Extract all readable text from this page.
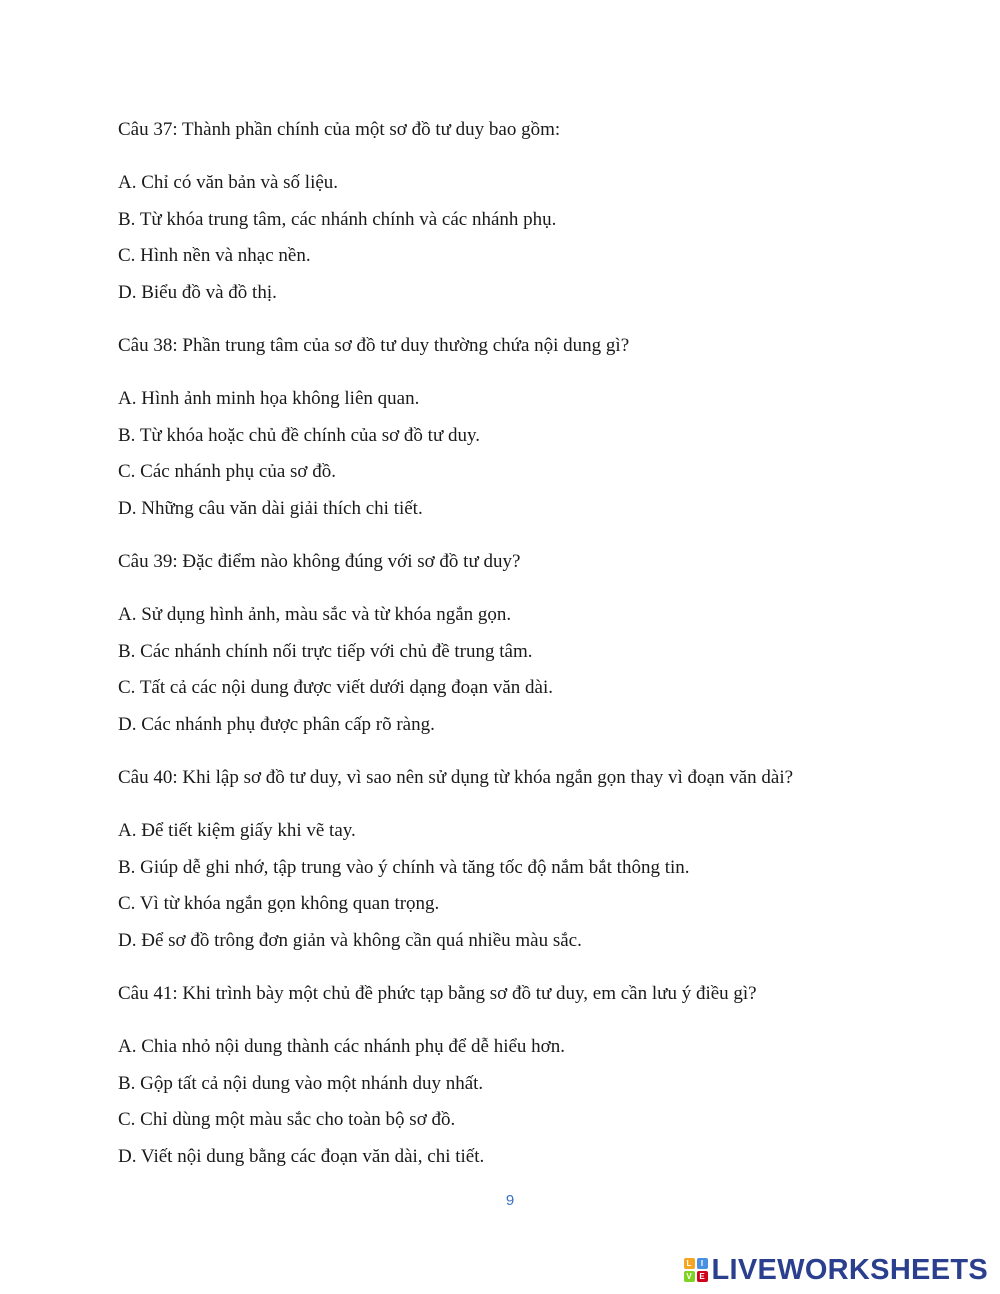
Câu 37: Thành phần chính của một sơ đồ tư duy bao gồm:

A. Chỉ có văn bản và số liệu.

B. Từ khóa trung tâm, các nhánh chính và các nhánh phụ.

C. Hình nền và nhạc nền.

D. Biểu đồ và đồ thị.

Câu 38: Phần trung tâm của sơ đồ tư duy thường chứa nội dung gì?

A. Hình ảnh minh họa không liên quan.

B. Từ khóa hoặc chủ đề chính của sơ đồ tư duy.

C. Các nhánh phụ của sơ đồ.

D. Những câu văn dài giải thích chi tiết.

Câu 39: Đặc điểm nào không đúng với sơ đồ tư duy?

A. Sử dụng hình ảnh, màu sắc và từ khóa ngắn gọn.

B. Các nhánh chính nối trực tiếp với chủ đề trung tâm.

C. Tất cả các nội dung được viết dưới dạng đoạn văn dài.

D. Các nhánh phụ được phân cấp rõ ràng.

Câu 40: Khi lập sơ đồ tư duy, vì sao nên sử dụng từ khóa ngắn gọn thay vì đoạn văn dài?

A. Để tiết kiệm giấy khi vẽ tay.

B. Giúp dễ ghi nhớ, tập trung vào ý chính và tăng tốc độ nắm bắt thông tin.

C. Vì từ khóa ngắn gọn không quan trọng.

D. Để sơ đồ trông đơn giản và không cần quá nhiều màu sắc.

Câu 41: Khi trình bày một chủ đề phức tạp bằng sơ đồ tư duy, em cần lưu ý điều gì?

A. Chia nhỏ nội dung thành các nhánh phụ để dễ hiểu hơn.

B. Gộp tất cả nội dung vào một nhánh duy nhất.

C. Chỉ dùng một màu sắc cho toàn bộ sơ đồ.

D. Viết nội dung bằng các đoạn văn dài, chi tiết.

9
L	I
V E LIVEWORKSHEETS
